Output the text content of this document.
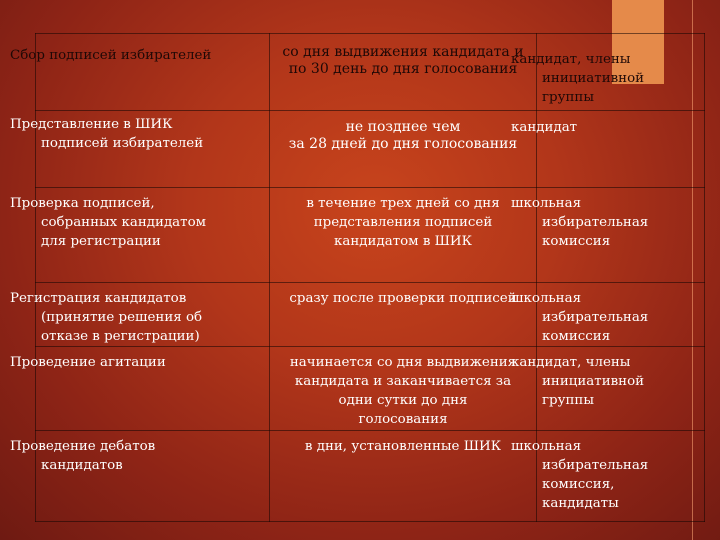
Сбор подписей избирателей	со дня выдвижения кандидата и
по 30 день до дня голосования	кандидат, члены
инициативной
группы

Представление в ШИК
подписей избирателей	не позднее чем
за 28 дней до дня голосования	кандидат

Проверка подписей,
собранных кандидатом
для регистрации	в течение трех дней со дня
представления подписей
кандидатом в ШИК	школьная
избирательная
комиссия

Регистрация кандидатов
(принятие решения об
отказе в регистрации)	сразу после проверки подписей	школьная
избирательная
комиссия

Проведение агитации	начинается со дня выдвижения
кандидата и заканчивается за
одни сутки до дня
голосования	кандидат, члены
инициативной
группы

Проведение дебатов
кандидатов	в дни, установленные ШИК	школьная
избирательная
комиссия,
кандидаты
